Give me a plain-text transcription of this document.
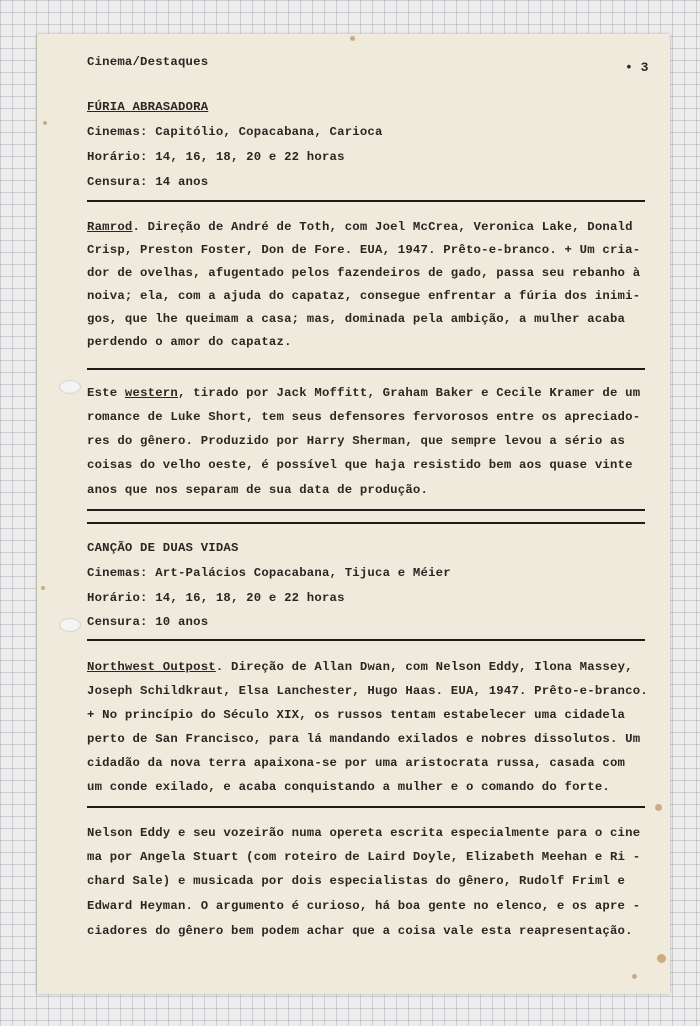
Cinema/Destaques	• 3
FÚRIA ABRASADORA
Cinemas: Capitólio, Copacabana, Carioca
Horário: 14, 16, 18, 20 e 22 horas
Censura: 14 anos
Ramrod. Direção de André de Toth, com Joel McCrea, Veronica Lake, Donald
Crisp, Preston Foster, Don de Fore. EUA, 1947. Prêto-e-branco. + Um cria-
dor de ovelhas, afugentado pelos fazendeiros de gado, passa seu rebanho à
noiva; ela, com a ajuda do capataz, consegue enfrentar a fúria dos inimi-
gos, que lhe queimam a casa; mas, dominada pela ambição, a mulher acaba
perdendo o amor do capataz.
Este western, tirado por Jack Moffitt, Graham Baker e Cecile Kramer de um
romance de Luke Short, tem seus defensores fervorosos entre os apreciado-
res do gênero. Produzido por Harry Sherman, que sempre levou a sério as
coisas do velho oeste, é possível que haja resistido bem aos quase vinte
anos que nos separam de sua data de produção.
CANÇÃO DE DUAS VIDAS
Cinemas: Art-Palácios Copacabana, Tijuca e Méier
Horário: 14, 16, 18, 20 e 22 horas
Censura: 10 anos
Northwest Outpost. Direção de Allan Dwan, com Nelson Eddy, Ilona Massey,
Joseph Schildkraut, Elsa Lanchester, Hugo Haas. EUA, 1947. Prêto-e-branco.
+ No princípio do Século XIX, os russos tentam estabelecer uma cidadela
perto de San Francisco, para lá mandando exilados e nobres dissolutos. Um
cidadão da nova terra apaixona-se por uma aristocrata russa, casada com
um conde exilado, e acaba conquistando a mulher e o comando do forte.
Nelson Eddy e seu vozeirão numa opereta escrita especialmente para o cine
ma por Angela Stuart (com roteiro de Laird Doyle, Elizabeth Meehan e Ri -
chard Sale) e musicada por dois especialistas do gênero, Rudolf Friml e
Edward Heyman. O argumento é curioso, há boa gente no elenco, e os apre -
ciadores do gênero bem podem achar que a coisa vale esta reapresentação.
